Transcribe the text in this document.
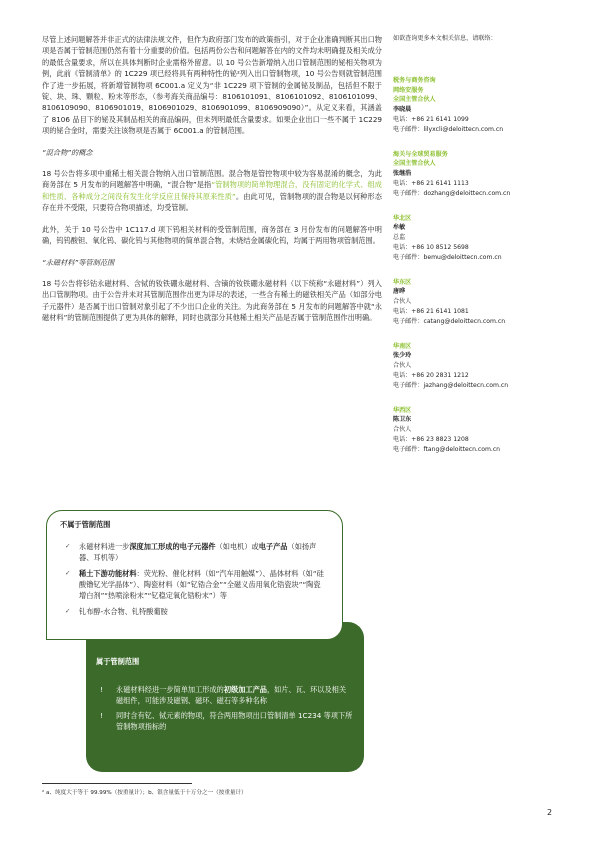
尽管上述问题解答并非正式的法律法规文件，但作为政府部门发布的政策指引，对于企业准确判断其出口物项是否属于管制范围仍然有着十分重要的价值。包括两份公告和问题解答在内的文件均未明确提及相关成分的最低含量要求，所以在具体判断时企业需格外留意。以 10 号公告新增纳入出口管制范围的铋相关物项为例，此前《管制清单》的 1C229 项已经将具有两种特性的铋²列入出口管制物项，10 号公告则就管制范围作了进一步拓展，将新增管制物项 6C001.a 定义为“非 1C229 项下管制的金属铋及制品，包括但不限于锭、块、珠、颗粒、粉末等形态，（参考海关商品编号：8106101091、8106101092、8106101099、8106109090、8106901019、8106901029、8106901099、8106909090）”。从定义来看，其涵盖了 8106 品目下的铋及其制品相关的商品编码，但未列明最低含量要求。如果企业出口一些不属于 1C229 项的铋合金时，需要关注该物项是否属于 6C001.a 的管制范围。

“混合物”的概念

18 号公告将多项中重稀土相关混合物纳入出口管制范围。混合物是管控物项中较为容易混淆的概念，为此商务部在 5 月发布的问题解答中明确，“混合物”是指“管制物项的简单物理混合，没有固定的化学式、组成和性质、各种成分之间没有发生化学反应且保持其原来性质”。由此可见，管制物项的混合物是以何种形态存在并不受限，只要符合物项描述，均受管制。

此外，关于 10 号公告中 1C117.d 项下钨相关材料的受管制范围，商务部在 3 月份发布的问题解答中明确，钨钨酸钽、氧化钨、碳化钨与其他物项的简单混合物，未烧结金属碳化钨，均属于两用物项管制范围。

“永磁材料”等管制范围

18 号公告将钐钴永磁材料、含铽的钕铁硼永磁材料、含镝的钕铁硼永磁材料（以下统称“永磁材料”）列入出口管制物项。由于公告并未对其管制范围作出更为详尽的表述，一些含有稀土的磁铁相关产品（如部分电子元器件）是否属于出口管制对象引起了不少出口企业的关注。为此商务部在 5 月发布的问题解答中就“永磁材料”的管制范围提供了更为具体的解释，同时也就部分其他稀土相关产品是否属于管制范围作出明确。

不属于管制范围
✓ 永磁材料进一步深度加工形成的电子元器件（如电机）或电子产品（如扬声器、耳机等）
✓ 稀土下游功能材料：荧光粉、催化材料（如“汽车用触媒”）、晶体材料（如“硅酸镥钇光学晶体”）、陶瓷材料（如“钇锆合金”“全磁义齿用氧化锆瓷块”“陶瓷增白剂”“热喷涂粉末”“钇稳定氧化锆粉末”）等
✓ 钆布醇-水合物、钆特酸葡胺
属于管制范围
! 永磁材料经进一步简单加工形成的初级加工产品，如片、瓦、环以及相关磁组件，可能涉及磁钢、磁环、磁石等多种名称
! 同时含有钇、铽元素的物项，符合两用物项出口管制清单 1C234 等项下所管制物项指标的
如欲查询更多本文相关信息，请联络：
税务与商务咨询
网络安服务
全国主管合伙人
李晓晨
电话：+86 21 6141 1099
电子邮件：lilyxcli@deloittecn.com.cn
海关与全球贸易服务
全国主管合伙人
张继浩
电话：+86 21 6141 1113
电子邮件：dozhang@deloittecn.com.cn
华北区
牟敏
总监
电话：+86 10 8512 5698
电子邮件：bemu@deloittecn.com.cn
华东区
唐晔
合伙人
电话：+86 21 6141 1081
电子邮件：catang@deloittecn.com.cn
华南区
张少玲
合伙人
电话：+86 20 2831 1212
电子邮件：jazhang@deloittecn.com.cn
华西区
陈卫东
合伙人
电话：+86 23 8823 1208
电子邮件：ftang@deloittecn.com.cn
² a、纯度大于等于 99.99%（按重量计）；b、银含量低于十万分之一（按重量计）
2
